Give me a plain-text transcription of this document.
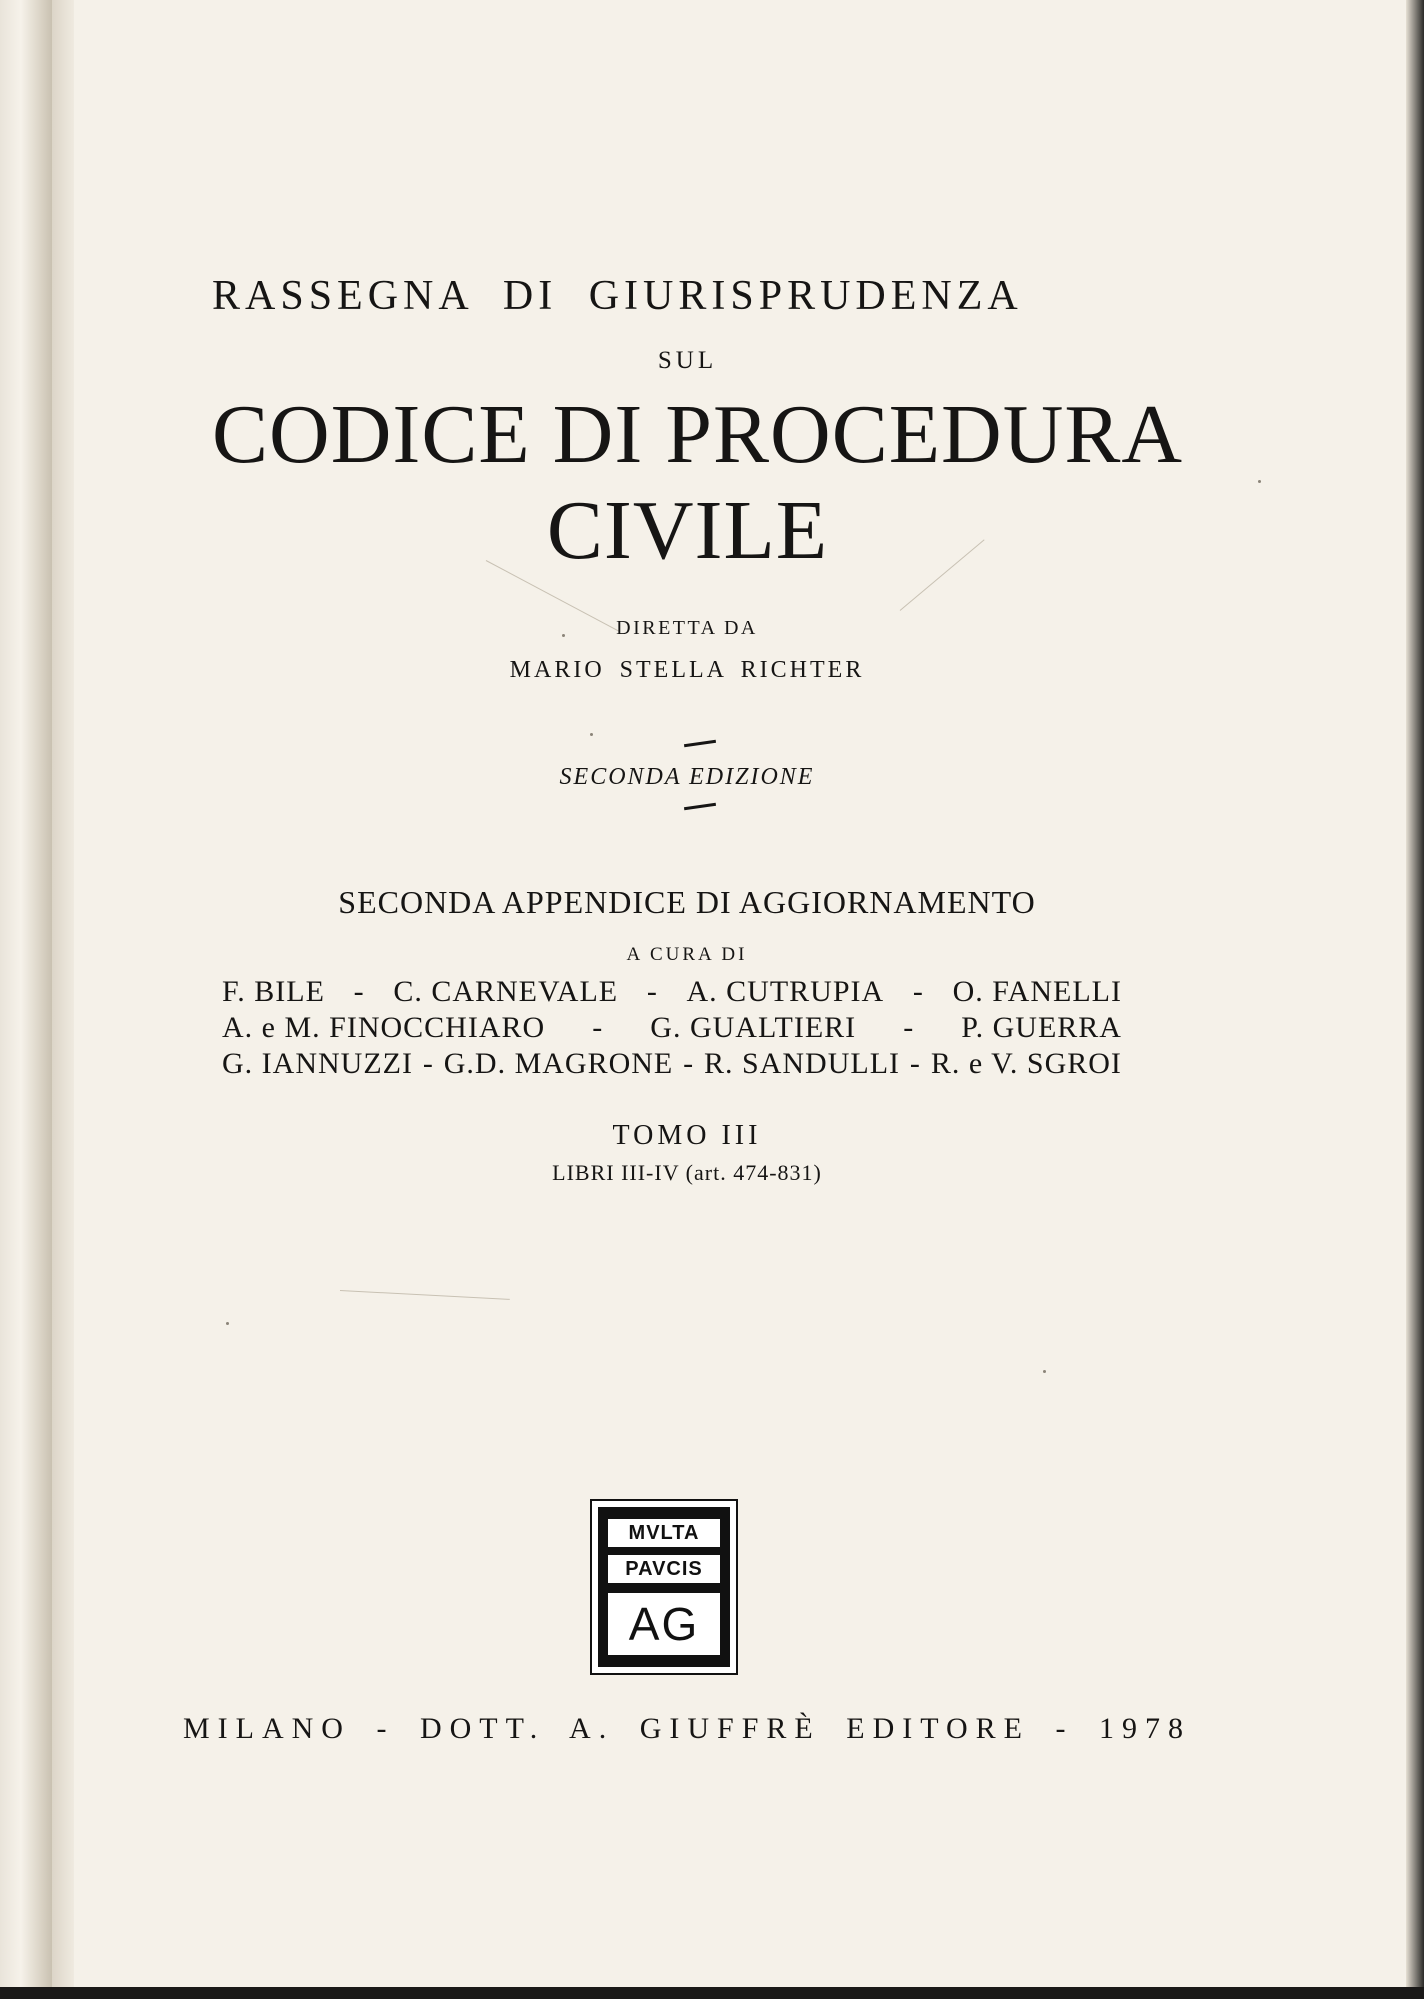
RASSEGNA DI GIURISPRUDENZA
SUL
CODICE DI PROCEDURA
CIVILE
DIRETTA DA
MARIO STELLA RICHTER
SECONDA EDIZIONE
SECONDA APPENDICE DI AGGIORNAMENTO
A CURA DI
F. BILE - C. CARNEVALE - A. CUTRUPIA - O. FANELLI
A. e M. FINOCCHIARO - G. GUALTIERI - P. GUERRA
G. IANNUZZI - G.D. MAGRONE - R. SANDULLI - R. e V. SGROI
TOMO III
LIBRI III-IV (art. 474-831)
MVLTA
PAVCIS
AG
MILANO - DOTT. A. GIUFFRÈ EDITORE - 1978
